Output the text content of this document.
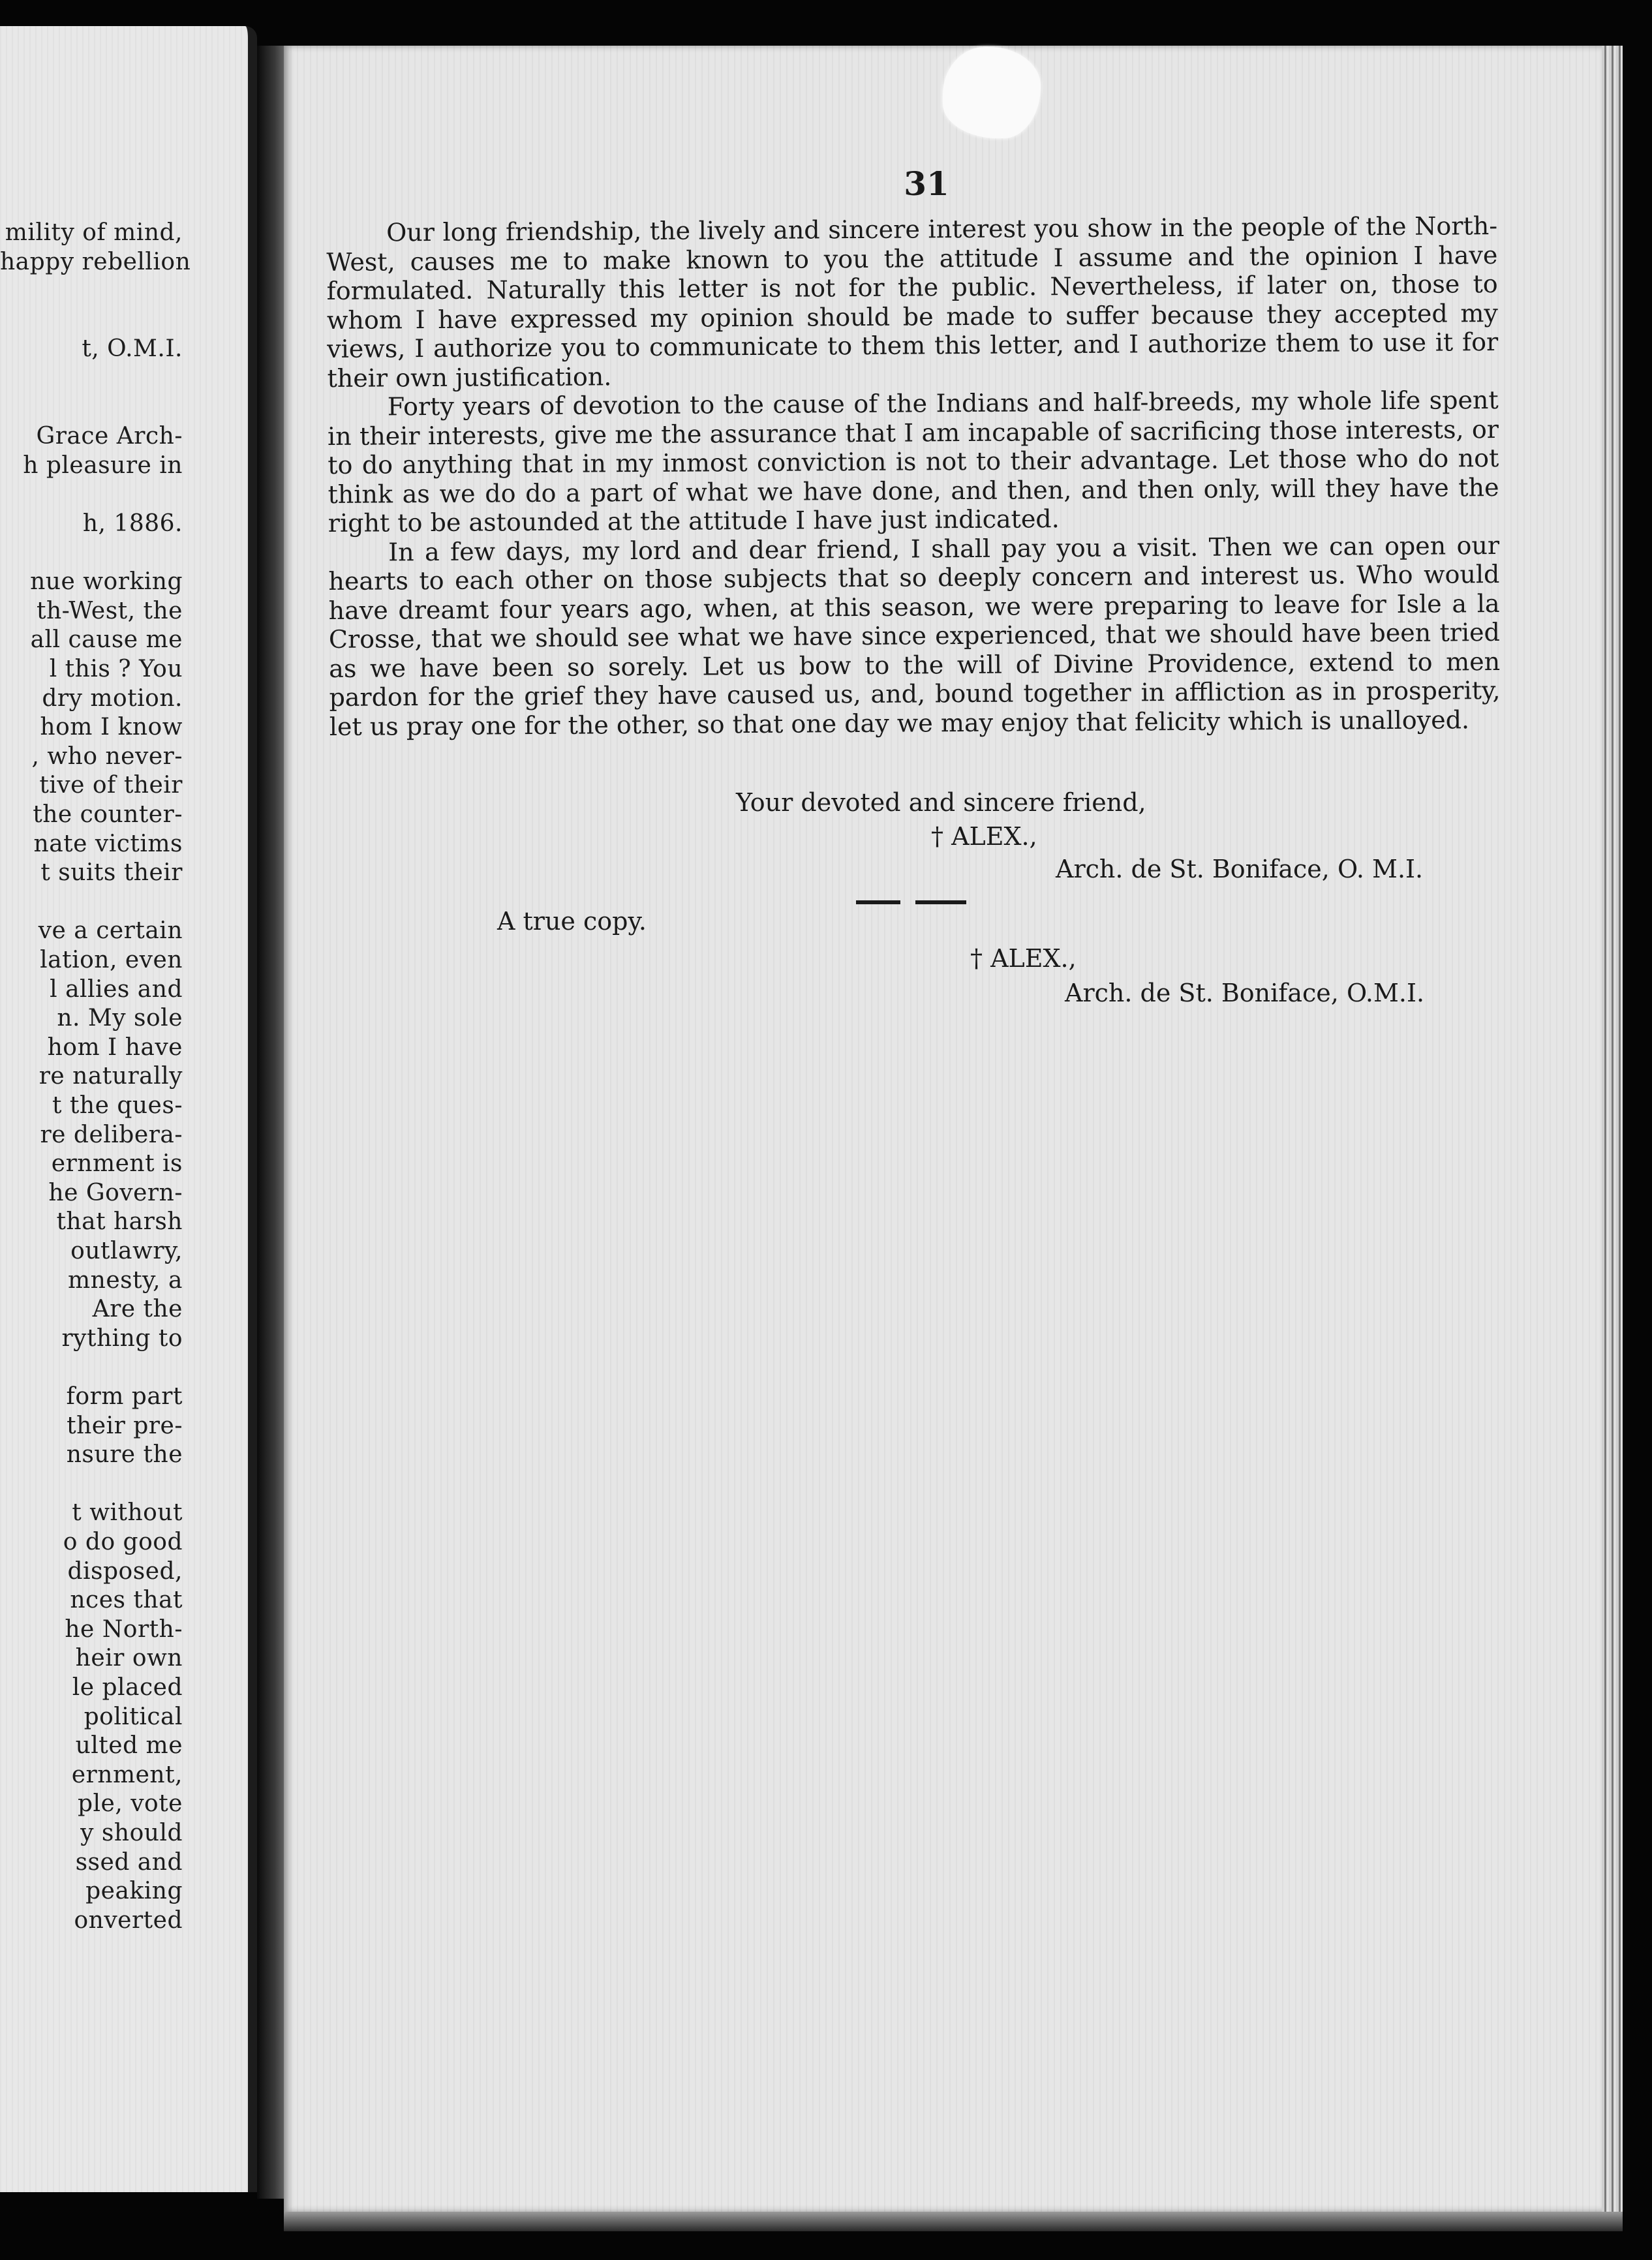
mility of mind,
happy rebellion
t, O.M.I.
Grace Arch-
h pleasure in
h, 1886.
nue working
th-West, the
all cause me
l this ? You
dry motion.
hom I know
, who never-
tive of their
the counter-
nate victims
t suits their
ve a certain
lation, even
l allies and
n. My sole
hom I have
re naturally
t the ques-
re delibera-
ernment is
he Govern-
that harsh
outlawry,
mnesty, a
Are the
rything to
form part
their pre-
nsure the
t without
o do good
disposed,
nces that
he North-
heir own
le placed
political
ulted me
ernment,
ple, vote
y should
ssed and
peaking
onverted
31

Our long friendship, the lively and sincere interest you show in the people of the North-West, causes me to make known to you the attitude I assume and the opinion I have formulated. Naturally this letter is not for the public. Nevertheless, if later on, those to whom I have expressed my opinion should be made to suffer because they accepted my views, I authorize you to communicate to them this letter, and I authorize them to use it for their own justification.

Forty years of devotion to the cause of the Indians and half-breeds, my whole life spent in their interests, give me the assurance that I am incapable of sacrificing those interests, or to do anything that in my inmost conviction is not to their advantage. Let those who do not think as we do do a part of what we have done, and then, and then only, will they have the right to be astounded at the attitude I have just indicated.

In a few days, my lord and dear friend, I shall pay you a visit. Then we can open our hearts to each other on those subjects that so deeply concern and interest us. Who would have dreamt four years ago, when, at this season, we were preparing to leave for Isle a la Crosse, that we should see what we have since experienced, that we should have been tried as we have been so sorely. Let us bow to the will of Divine Providence, extend to men pardon for the grief they have caused us, and, bound together in affliction as in prosperity, let us pray one for the other, so that one day we may enjoy that felicity which is unalloyed.

Your devoted and sincere friend,
† ALEX.,
Arch. de St. Boniface, O. M.I.
A true copy.
† ALEX.,
Arch. de St. Boniface, O.M.I.
